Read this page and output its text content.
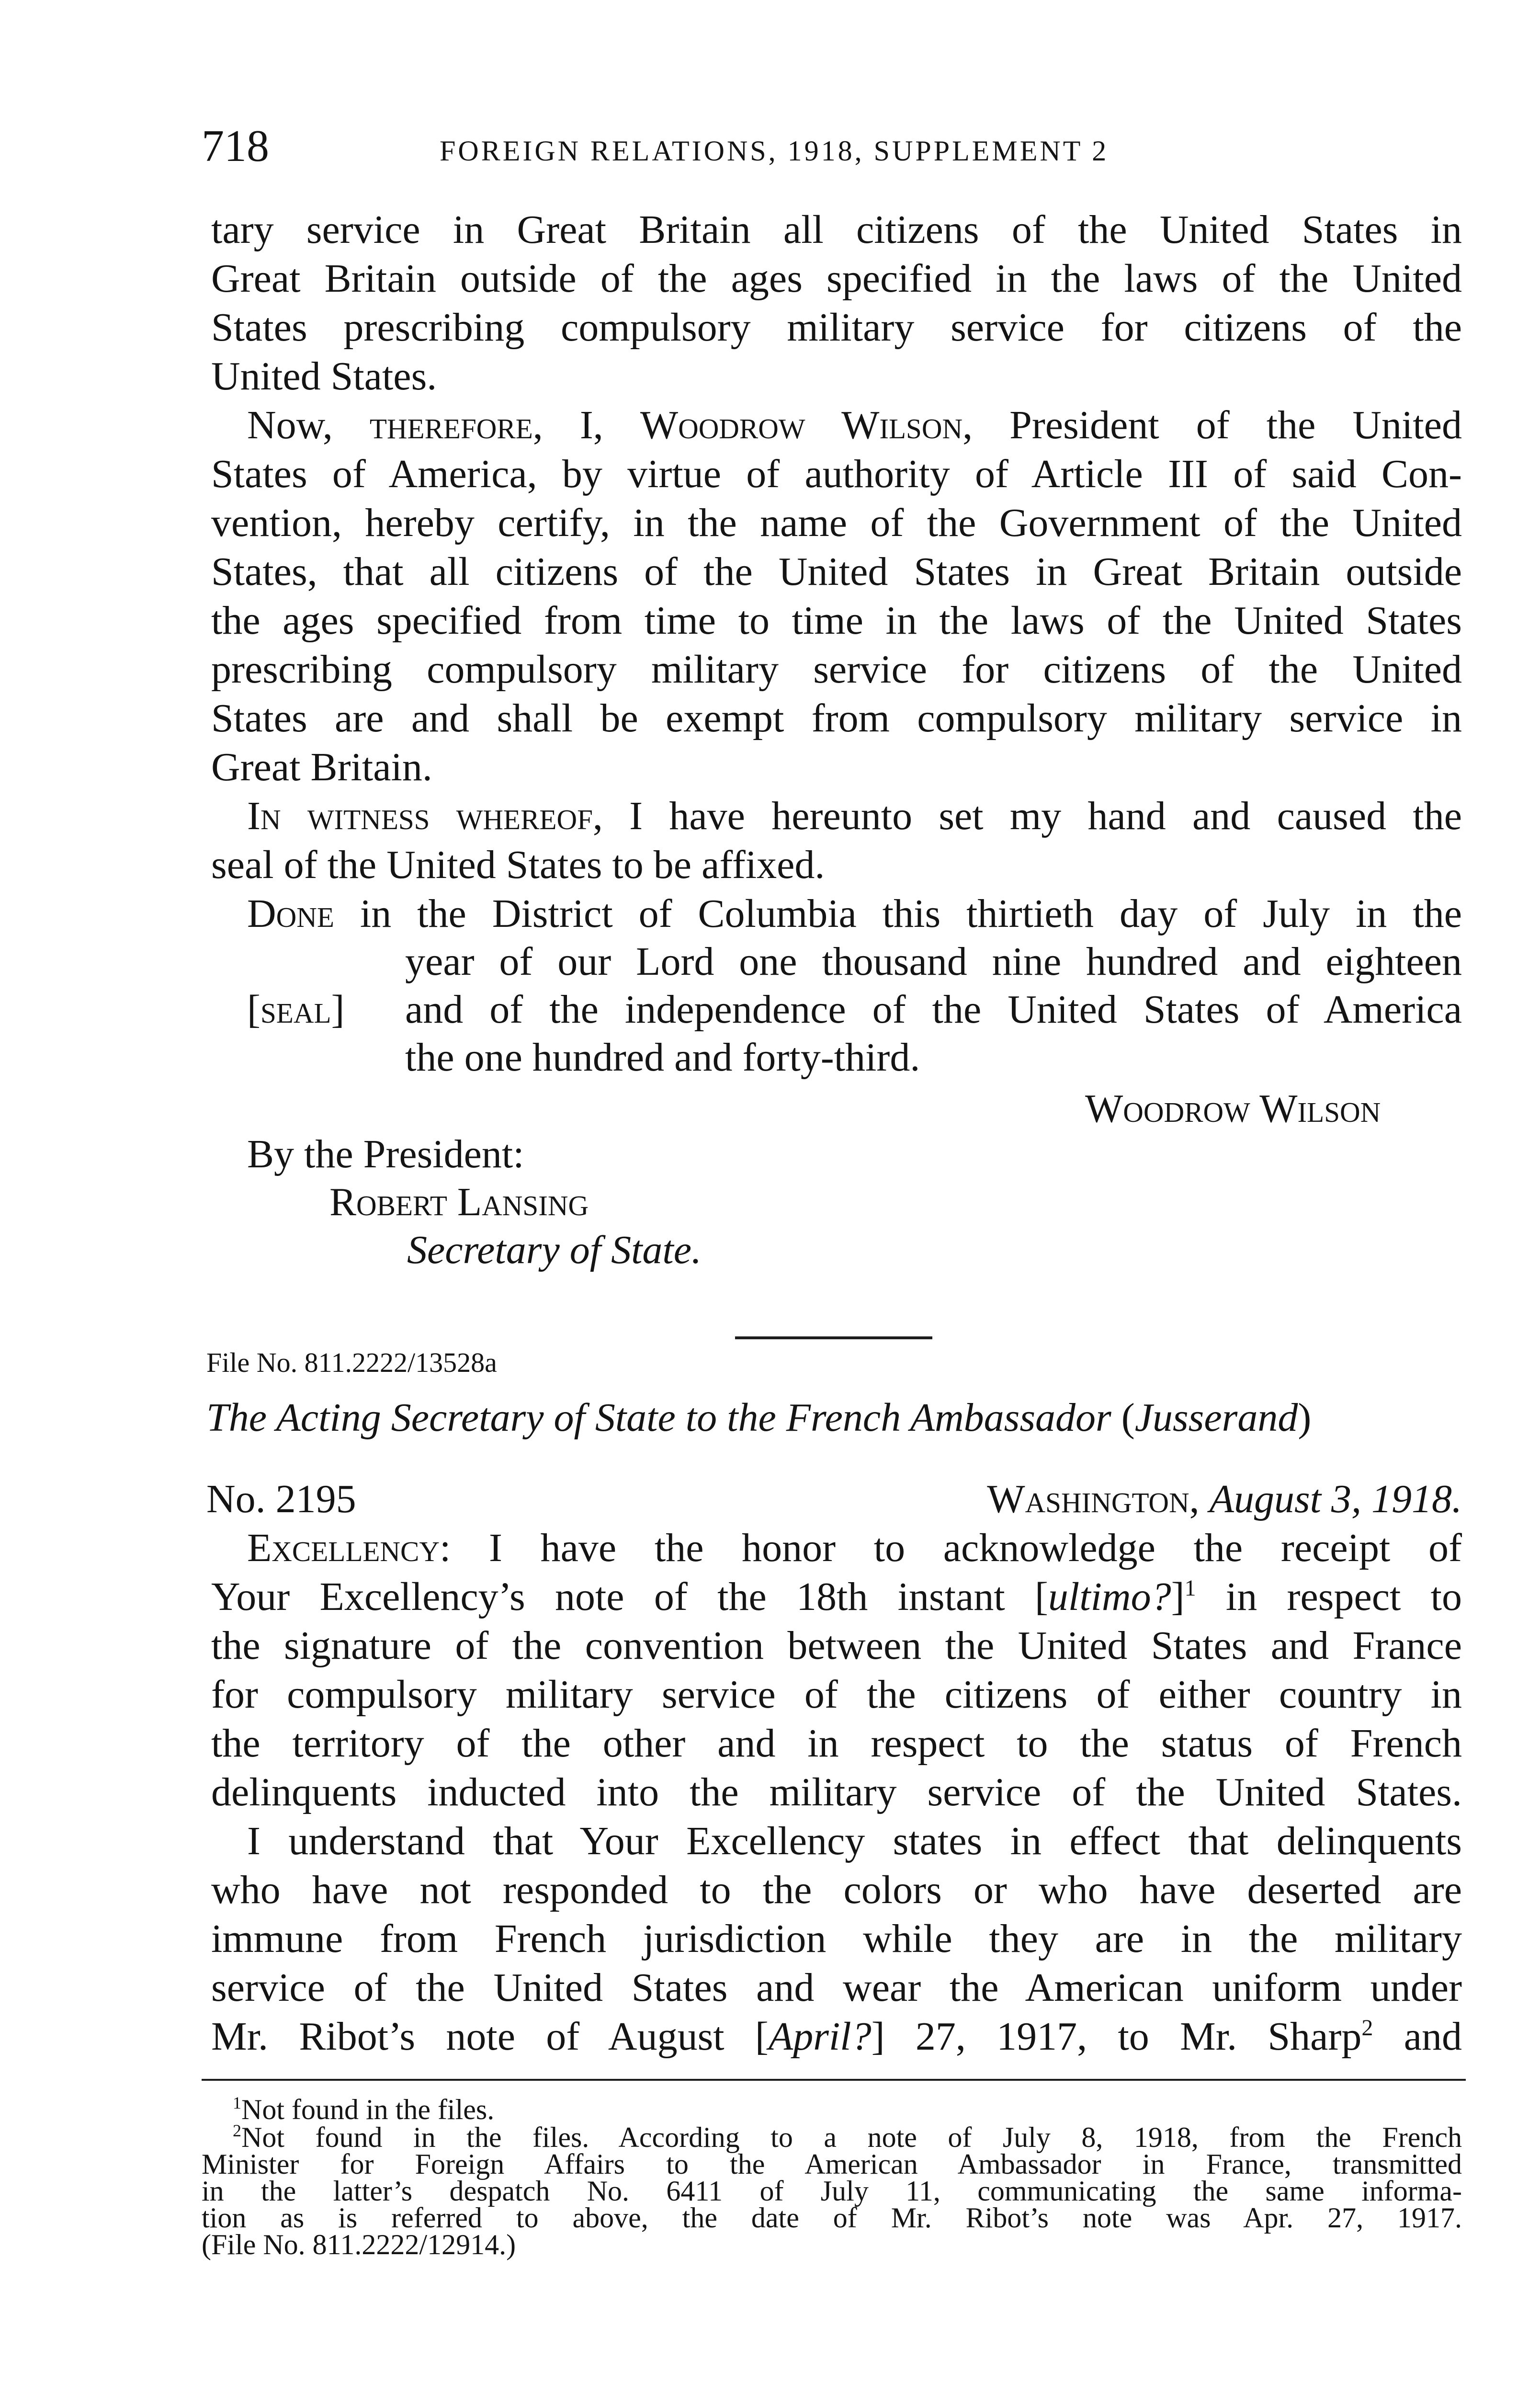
718	FOREIGN RELATIONS, 1918, SUPPLEMENT 2

tary service in Great Britain all citizens of the United States in

Great Britain outside of the ages specified in the laws of the United

States prescribing compulsory military service for citizens of the

United States.

Now, therefore, I, Woodrow Wilson, President of the United

States of America, by virtue of authority of Article III of said Con-

vention, hereby certify, in the name of the Government of the United

States, that all citizens of the United States in Great Britain outside

the ages specified from time to time in the laws of the United States

prescribing compulsory military service for citizens of the United

States are and shall be exempt from compulsory military service in

Great Britain.

In witness whereof, I have hereunto set my hand and caused the

seal of the United States to be affixed.

Done in the District of Columbia this thirtieth day of July in the

year of our Lord one thousand nine hundred and eighteen

and of the independence of the United States of America

the one hundred and forty-third.

[seal]
Woodrow Wilson
By the President:
Robert Lansing
Secretary of State.
File No. 811.2222/13528a

The Acting Secretary of State to the French Ambassador (Jusserand)

No. 2195	Washington, August 3, 1918.

Excellency: I have the honor to acknowledge the receipt of

Your Excellency’s note of the 18th instant [ultimo?]$^1$ in respect to

the signature of the convention between the United States and France

for compulsory military service of the citizens of either country in

the territory of the other and in respect to the status of French

delinquents inducted into the military service of the United States.

I understand that Your Excellency states in effect that delinquents

who have not responded to the colors or who have deserted are

immune from French jurisdiction while they are in the military

service of the United States and wear the American uniform under

Mr. Ribot’s note of August [April?] 27, 1917, to Mr. Sharp$^2$ and

$^1$Not found in the files.

$^2$Not found in the files. According to a note of July 8, 1918, from the French

Minister for Foreign Affairs to the American Ambassador in France, transmitted

in the latter’s despatch No. 6411 of July 11, communicating the same informa-

tion as is referred to above, the date of Mr. Ribot’s note was Apr. 27, 1917.

(File No. 811.2222/12914.)
